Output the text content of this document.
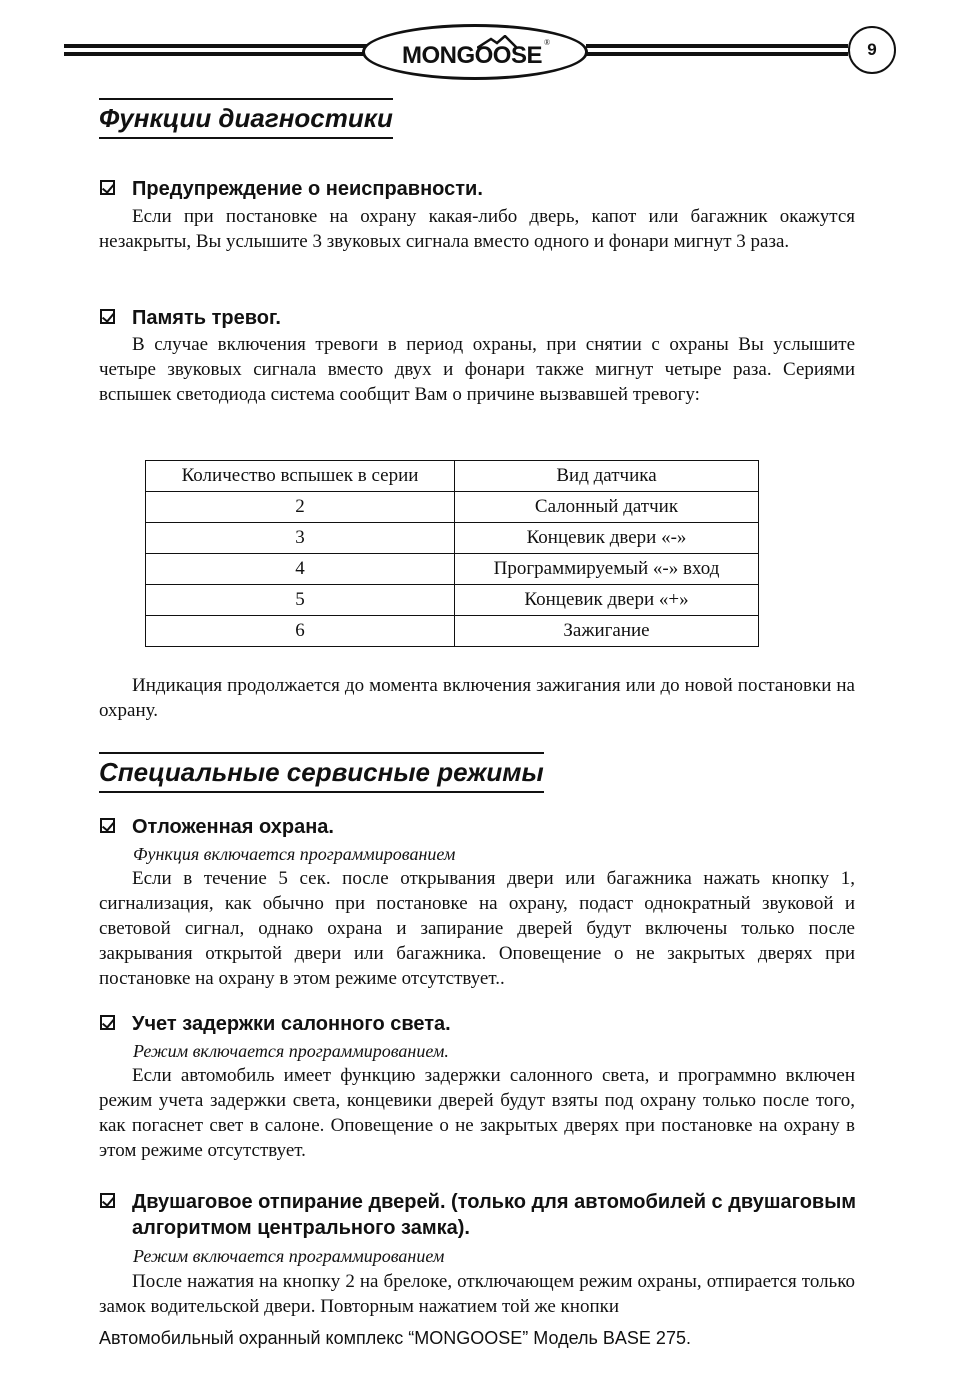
MONGOOSE ®	9
Функции диагностики
Предупреждение о неисправности.

Если при постановке на охрану какая-либо дверь, капот или багажник окажутся незакрыты, Вы услышите 3 звуковых сигнала вместо одного и фонари мигнут 3 раза.

Память тревог.

В случае включения тревоги в период охраны, при снятии с охраны Вы услышите четыре звуковых сигнала вместо двух и фонари также мигнут четыре раза. Сериями вспышек светодиода система сообщит Вам о причине вызвавшей тревогу:

Количество вспышек в серии	Вид датчика
2	Салонный датчик
3	Концевик двери «-»
4	Программируемый «-» вход
5	Концевик двери «+»
6	Зажигание

Индикация продолжается до момента включения зажигания или до новой постановки на охрану.

Специальные сервисные режимы
Отложенная охрана.
Функция включается программированием

Если в течение 5 сек. после открывания двери или багажника нажать кнопку 1, сигнализация, как обычно при постановке на охрану, подаст однократный звуковой и световой сигнал, однако охрана и запирание дверей будут включены только после закрывания открытой двери или багажника. Оповещение о не закрытых дверях при постановке на охрану в этом режиме отсутствует..

Учет задержки салонного света.
Режим включается программированием.

Если автомобиль имеет функцию задержки салонного света, и программно включен режим учета задержки света, концевики дверей будут взяты под охрану только после того, как погаснет свет в салоне. Оповещение о не закрытых дверях при постановке на охрану в этом режиме отсутствует.

Двушаговое отпирание дверей. (только для автомобилей с двушаговым алгоритмом центрального замка).
Режим включается программированием

После нажатия на кнопку 2 на брелоке, отключающем режим охраны, отпирается только замок водительской двери. Повторным нажатием той же кнопки

Автомобильный охранный комплекс “MONGOOSE” Модель BASE 275.
